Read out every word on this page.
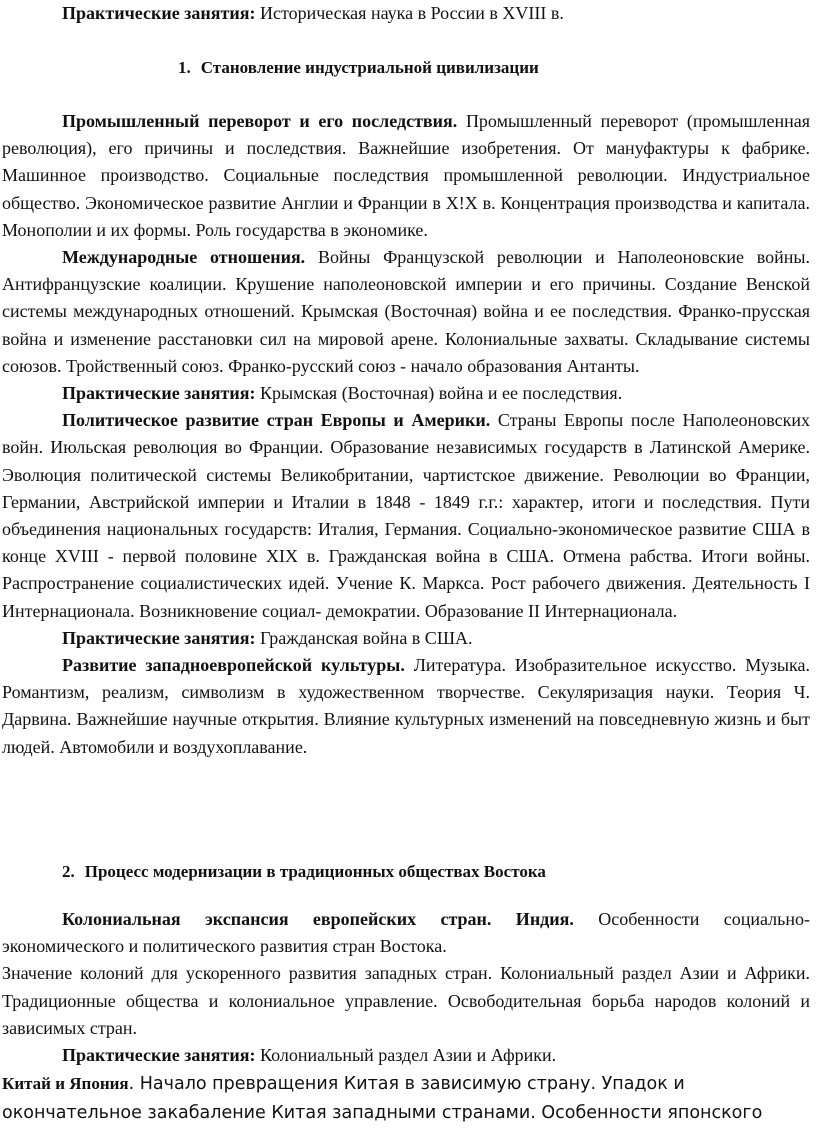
Практические занятия: Историческая наука в России в XVIII в.

1. Становление индустриальной цивилизации

Промышленный переворот и его последствия. Промышленный переворот (промышленная революция), его причины и последствия. Важнейшие изобретения. От мануфактуры к фабрике. Машинное производство. Социальные последствия промышленной революции. Индустриальное общество. Экономическое развитие Англии и Франции в Х!Х в. Концентрация производства и капитала. Монополии и их формы. Роль государства в экономике.

Международные отношения. Войны Французской революции и Наполеоновские войны. Антифранцузские коалиции. Крушение наполеоновской империи и его причины. Создание Венской системы международных отношений. Крымская (Восточная) война и ее последствия. Франко-прусская война и изменение расстановки сил на мировой арене. Колониальные захваты. Складывание системы союзов. Тройственный союз. Франко-русский союз - начало образования Антанты.

Практические занятия: Крымская (Восточная) война и ее последствия.

Политическое развитие стран Европы и Америки. Страны Европы после Наполеоновских войн. Июльская революция во Франции. Образование независимых государств в Латинской Америке. Эволюция политической системы Великобритании, чартистское движение. Революции во Франции, Германии, Австрийской империи и Италии в 1848 - 1849 г.г.: характер, итоги и последствия. Пути объединения национальных государств: Италия, Германия. Социально-экономическое развитие США в конце XVIII - первой половине XIX в. Гражданская война в США. Отмена рабства. Итоги войны. Распространение социалистических идей. Учение К. Маркса. Рост рабочего движения. Деятельность I Интернационала. Возникновение социал- демократии. Образование II Интернационала.

Практические занятия: Гражданская война в США.

Развитие западноевропейской культуры. Литература. Изобразительное искусство. Музыка. Романтизм, реализм, символизм в художественном творчестве. Секуляризация науки. Теория Ч. Дарвина. Важнейшие научные открытия. Влияние культурных изменений на повседневную жизнь и быт людей. Автомобили и воздухоплавание.

2. Процесс модернизации в традиционных обществах Востока

Колониальная экспансия европейских стран. Индия. Особенности социально-экономического и политического развития стран Востока.

Значение колоний для ускоренного развития западных стран. Колониальный раздел Азии и Африки. Традиционные общества и колониальное управление. Освободительная борьба народов колоний и зависимых стран.

Практические занятия: Колониальный раздел Азии и Африки.

Китай и Япония. Начало превращения Китая в зависимую страну. Упадок и окончательное закабаление Китая западными странами. Особенности японского
